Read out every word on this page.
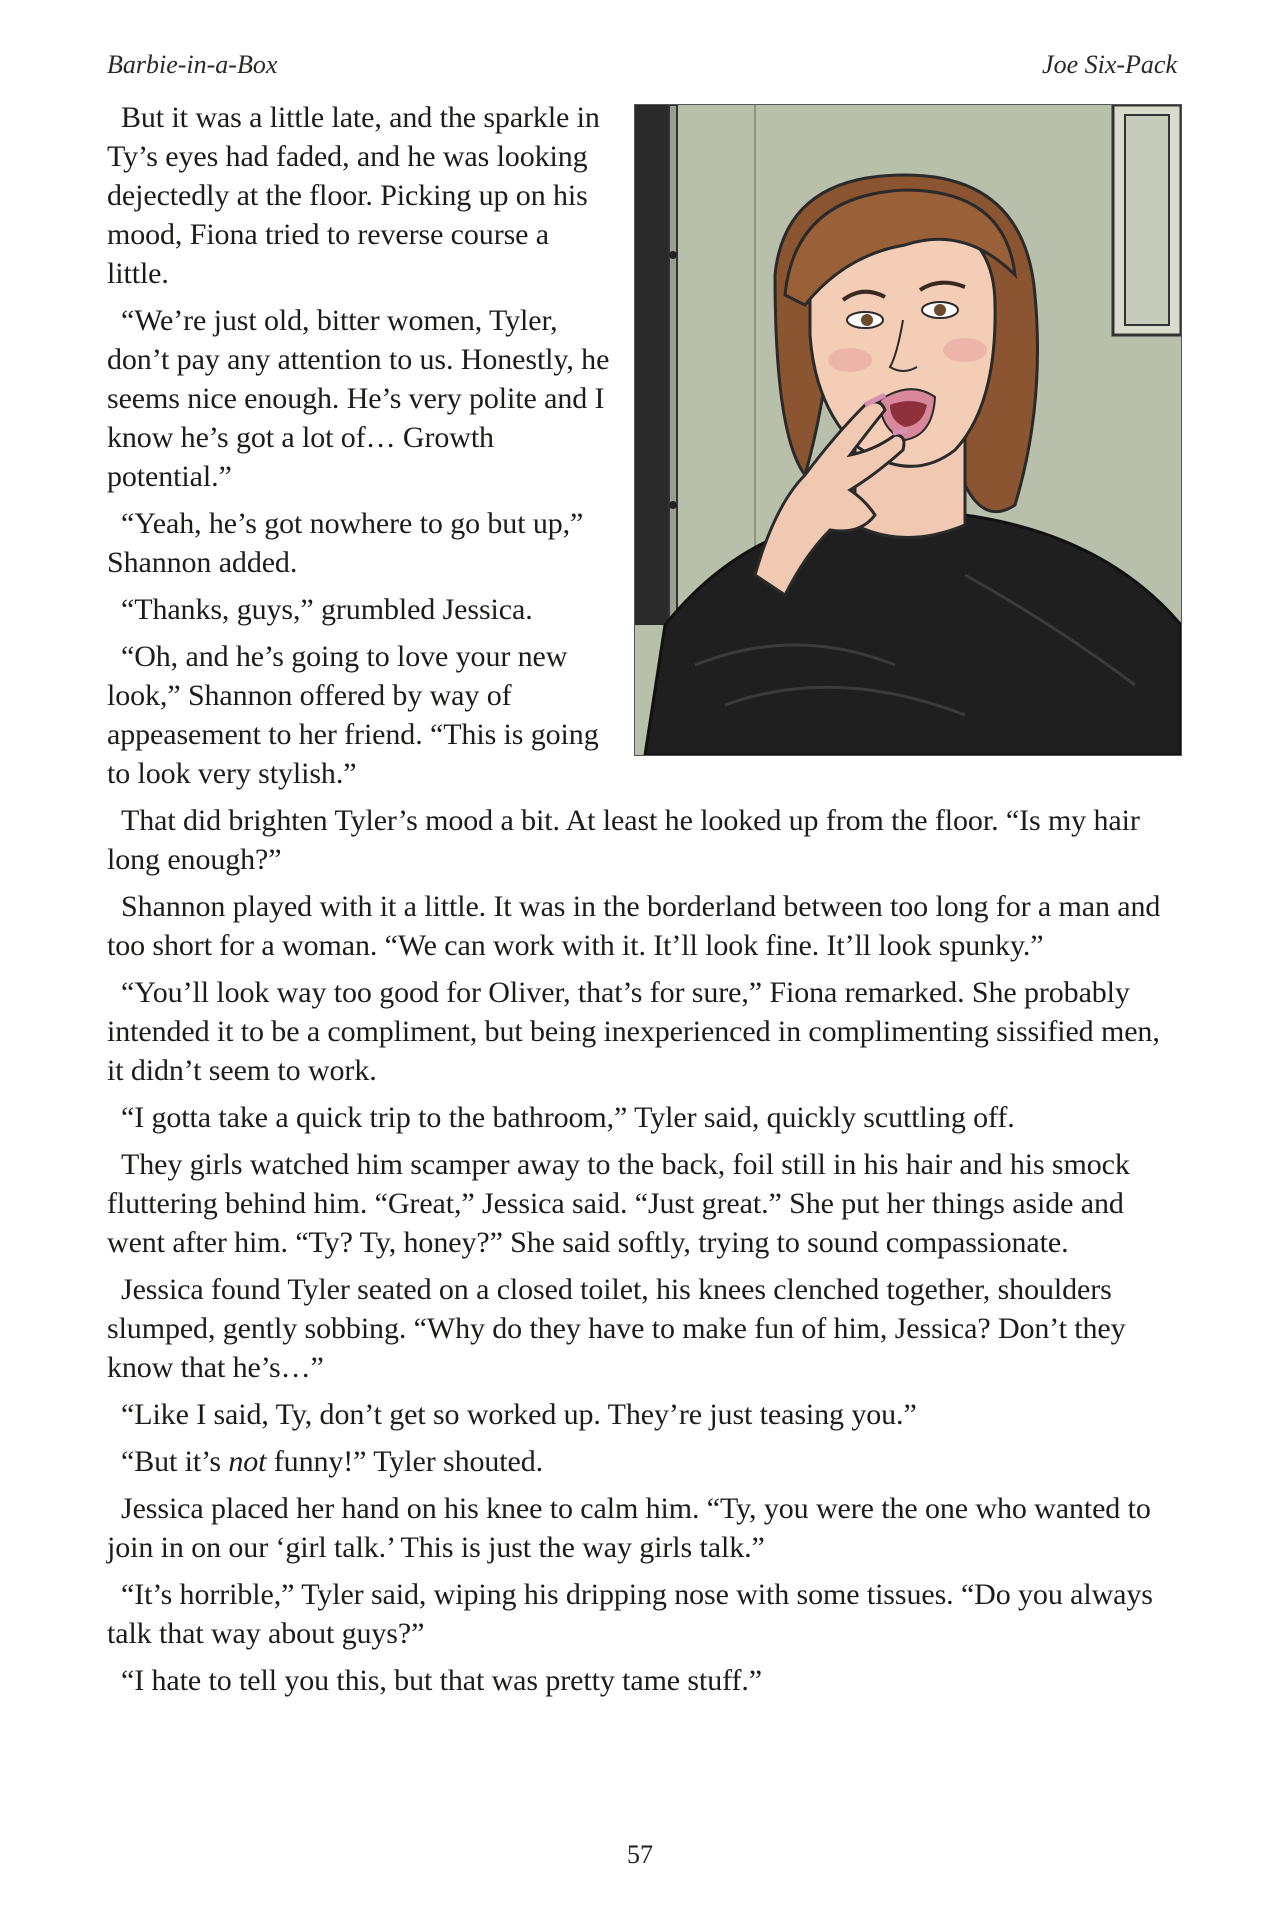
Barbie-in-a-Box	Joe Six-Pack

But it was a little late, and the sparkle in Ty’s eyes had faded, and he was looking dejectedly at the floor. Picking up on his mood, Fiona tried to reverse course a little.

“We’re just old, bitter women, Tyler, don’t pay any attention to us. Honestly, he seems nice enough. He’s very polite and I know he’s got a lot of… Growth potential.”

“Yeah, he’s got nowhere to go but up,” Shannon added.

“Thanks, guys,” grumbled Jessica.

“Oh, and he’s going to love your new look,” Shannon offered by way of appeasement to her friend. “This is going to look very stylish.”

That did brighten Tyler’s mood a bit. At least he looked up from the floor. “Is my hair long enough?”

Shannon played with it a little. It was in the borderland between too long for a man and too short for a woman. “We can work with it. It’ll look fine. It’ll look spunky.”

“You’ll look way too good for Oliver, that’s for sure,” Fiona remarked. She probably intended it to be a compliment, but being inexperienced in complimenting sissified men, it didn’t seem to work.

“I gotta take a quick trip to the bathroom,” Tyler said, quickly scuttling off.

They girls watched him scamper away to the back, foil still in his hair and his smock fluttering behind him. “Great,” Jessica said. “Just great.” She put her things aside and went after him. “Ty? Ty, honey?” She said softly, trying to sound compassionate.

Jessica found Tyler seated on a closed toilet, his knees clenched together, shoulders slumped, gently sobbing. “Why do they have to make fun of him, Jessica? Don’t they know that he’s…”

“Like I said, Ty, don’t get so worked up. They’re just teasing you.”

“But it’s not funny!” Tyler shouted.

Jessica placed her hand on his knee to calm him. “Ty, you were the one who wanted to join in on our ‘girl talk.’ This is just the way girls talk.”

“It’s horrible,” Tyler said, wiping his dripping nose with some tissues. “Do you always talk that way about guys?”

“I hate to tell you this, but that was pretty tame stuff.”

57
